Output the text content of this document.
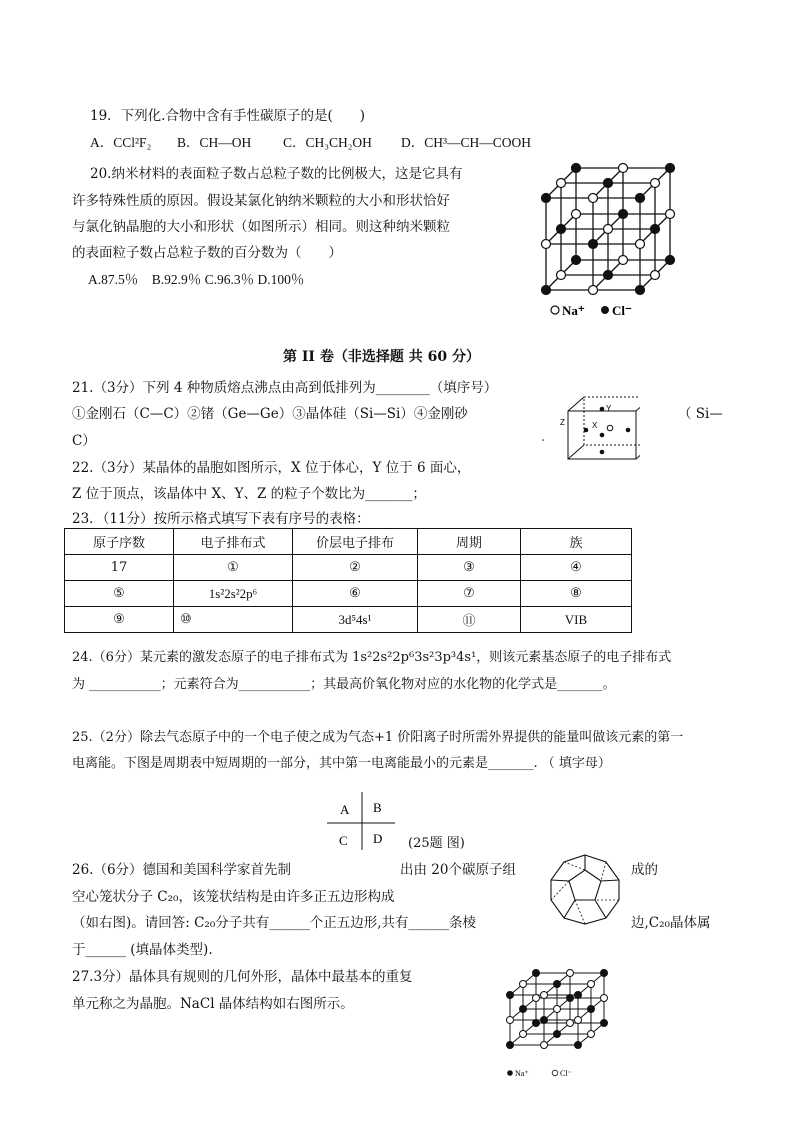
19．下列化.合物中含有手性碳原子的是(　　)
A．CCl²F₂ B．CH—OH C．CH₃CH₂OH D．CH³—CH—COOH
20.纳米材料的表面粒子数占总粒子数的比例极大，这是它具有
许多特殊性质的原因。假设某氯化钠纳米颗粒的大小和形状恰好
与氯化钠晶胞的大小和形状（如图所示）相同。则这种纳米颗粒
的表面粒子数占总粒子数的百分数为（　　）
A.87.5％　B.92.9％ C.96.3％ D.100％
Na⁺ Cl⁻
第 II 卷（非选择题 共 60 分）
21.（3分）下列 4 种物质熔点沸点由高到低排列为________（填序号）
①金刚石（C—C）②锗（Ge—Ge）③晶体硅（Si—Si）④金刚砂	（ Si—
C）
Y
X
Z
22.（3分）某晶体的晶胞如图所示，X 位于体心，Y 位于 6 面心，
Z 位于顶点，该晶体中 X、Y、Z 的粒子个数比为_______；
23．（11分）按所示格式填写下表有序号的表格：
原子序数	电子排布式	价层电子排布	周期	族
17	①	②	③	④
⑤	1s²2s²2p⁶	⑥	⑦	⑧
⑨	⑩	3d⁵4s¹	⑪	VIB
24.（6分）某元素的激发态原子的电子排布式为 1s²2s²2p⁶3s²3p³4s¹，则该元素基态原子的电子排布式
为 ___________；元素符合为___________；其最高价氧化物对应的水化物的化学式是_______。
25.（2分）除去气态原子中的一个电子使之成为气态+1 价阳离子时所需外界提供的能量叫做该元素的第一
电离能。下图是周期表中短周期的一部分，其中第一电离能最小的元素是_______. （ 填字母）
A B
C D (25题 图)
26.（6分）德国和美国科学家首先制	出由 20个碳原子组	成的
空心笼状分子 C₂₀，该笼状结构是由许多正五边形构成
（如右图)。请回答: C₂₀分子共有______个正五边形,共有______条棱	边,C₂₀晶体属
于______ (填晶体类型).
27.3分）晶体具有规则的几何外形，晶体中最基本的重复
单元称之为晶胞。NaCl 晶体结构如右图所示。
Na⁺	Cl⁻
